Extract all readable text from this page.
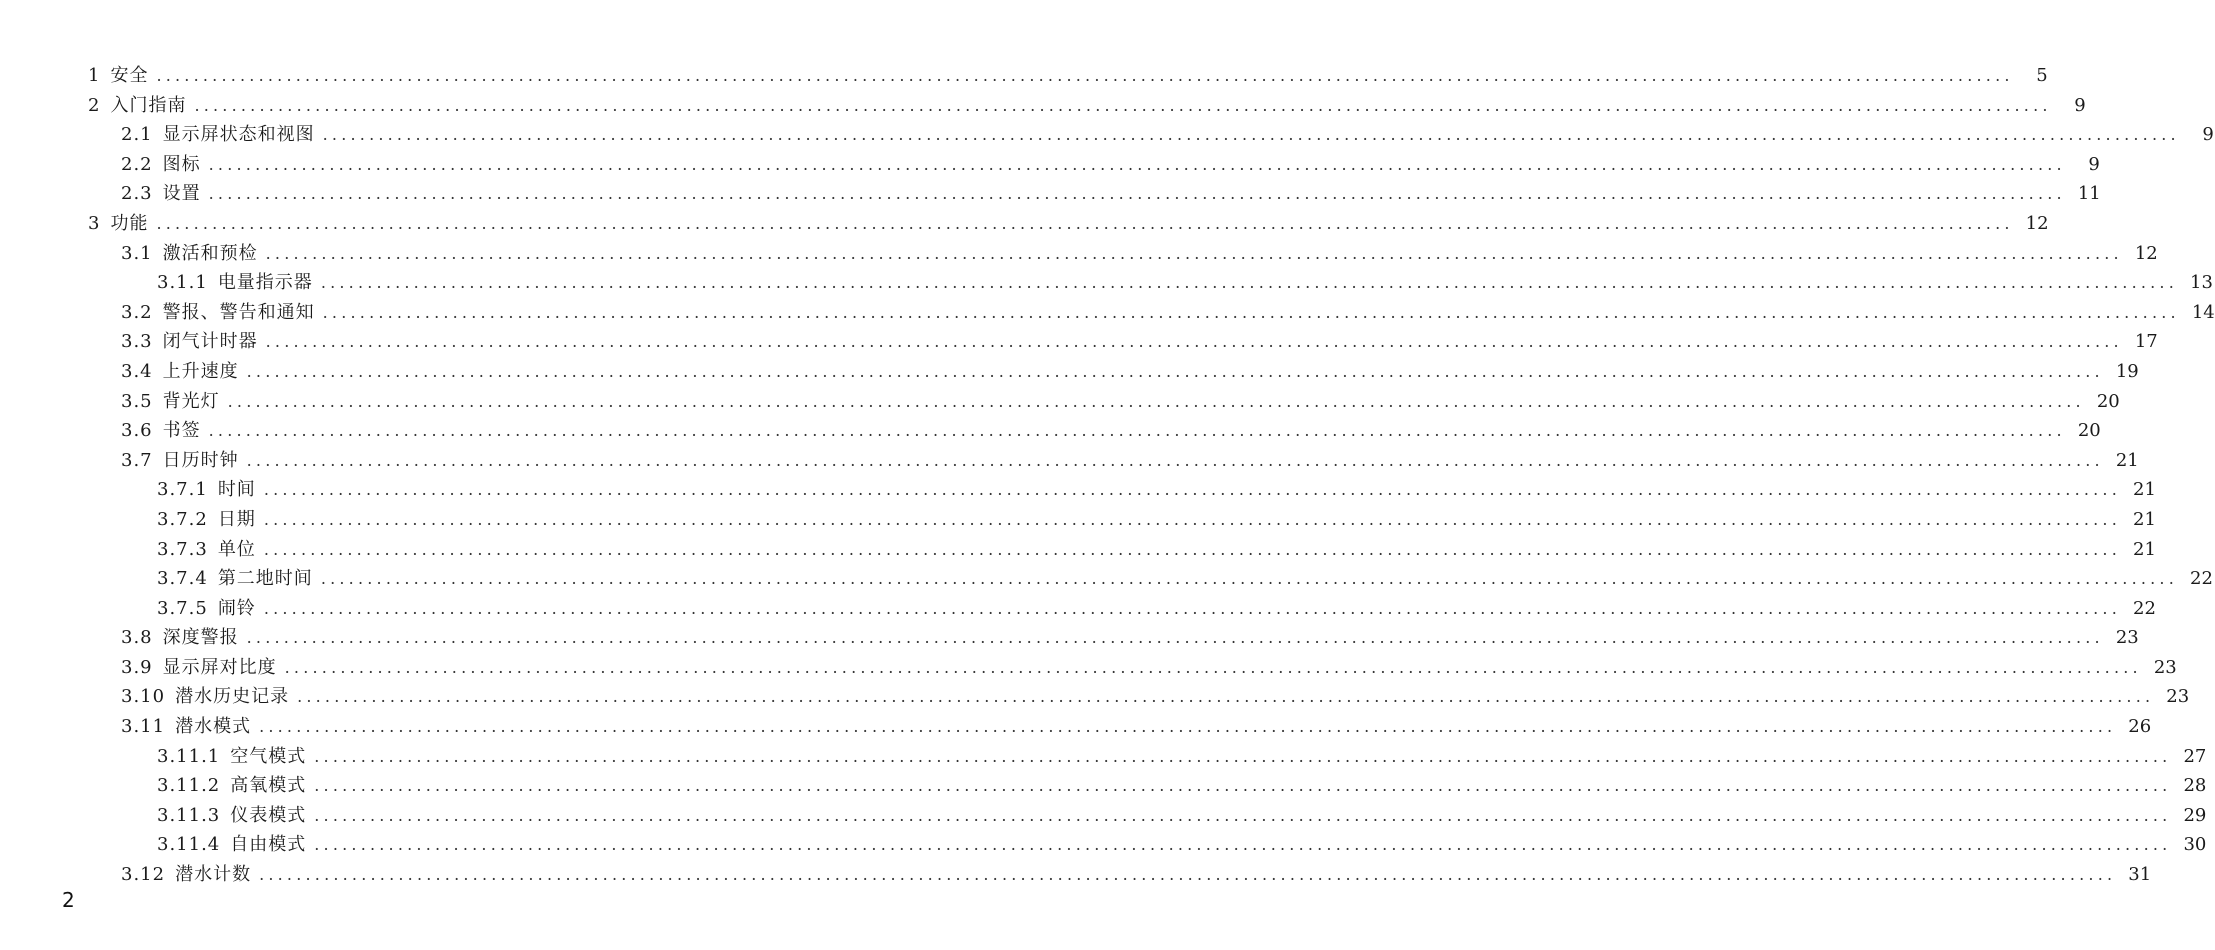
1 安全 ........................................................................................................................................................................................................	5
2 入门指南 ........................................................................................................................................................................................................	9
2.1 显示屏状态和视图 ........................................................................................................................................................................................................	9
2.2 图标 ........................................................................................................................................................................................................	9
2.3 设置 ........................................................................................................................................................................................................ 11
3 功能 ........................................................................................................................................................................................................ 12
3.1 激活和预检 ........................................................................................................................................................................................................ 12
3.1.1 电量指示器 ........................................................................................................................................................................................................ 13
3.2 警报、警告和通知 ........................................................................................................................................................................................................ 14
3.3 闭气计时器 ........................................................................................................................................................................................................ 17
3.4 上升速度 ........................................................................................................................................................................................................ 19
3.5 背光灯 ........................................................................................................................................................................................................ 20
3.6 书签 ........................................................................................................................................................................................................ 20
3.7 日历时钟 ........................................................................................................................................................................................................ 21
3.7.1 时间 ........................................................................................................................................................................................................ 21
3.7.2 日期 ........................................................................................................................................................................................................ 21
3.7.3 单位 ........................................................................................................................................................................................................ 21
3.7.4 第二地时间 ........................................................................................................................................................................................................ 22
3.7.5 闹铃 ........................................................................................................................................................................................................ 22
3.8 深度警报 ........................................................................................................................................................................................................ 23
3.9 显示屏对比度 ........................................................................................................................................................................................................ 23
3.10 潜水历史记录 ........................................................................................................................................................................................................ 23
3.11 潜水模式 ........................................................................................................................................................................................................ 26
3.11.1 空气模式 ........................................................................................................................................................................................................ 27
3.11.2 高氧模式 ........................................................................................................................................................................................................ 28
3.11.3 仪表模式 ........................................................................................................................................................................................................ 29
3.11.4 自由模式 ........................................................................................................................................................................................................ 30
3.12 潜水计数 ........................................................................................................................................................................................................ 31
2
